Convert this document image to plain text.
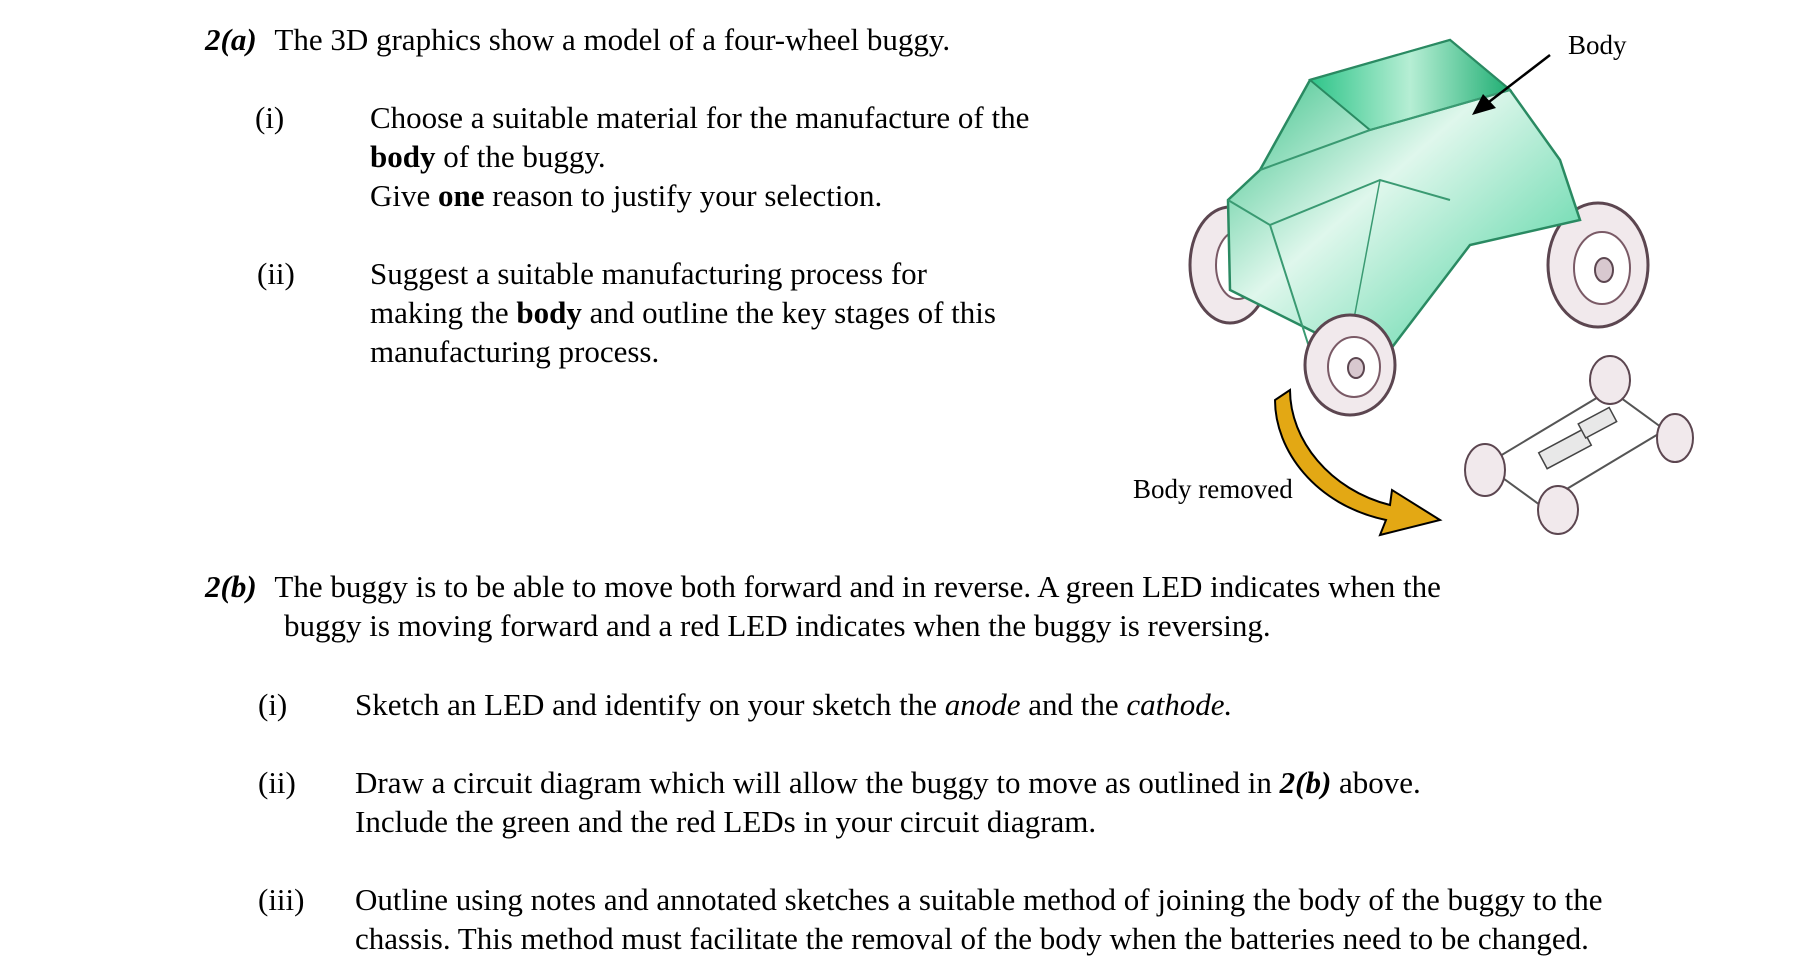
2(a) The 3D graphics show a model of a four-wheel buggy.

(i)	Choose a suitable material for the manufacture of the

body of the buggy.

Give one reason to justify your selection.

(ii) Suggest a suitable manufacturing process for

making the body and outline the key stages of this

manufacturing process.

Body
Body removed

2(b) The buggy is to be able to move both forward and in reverse. A green LED indicates when the

buggy is moving forward and a red LED indicates when the buggy is reversing.

(i) Sketch an LED and identify on your sketch the anode and the cathode.

(ii) Draw a circuit diagram which will allow the buggy to move as outlined in 2(b) above.

Include the green and the red LEDs in your circuit diagram.

(iii) Outline using notes and annotated sketches a suitable method of joining the body of the buggy to the

chassis. This method must facilitate the removal of the body when the batteries need to be changed.
